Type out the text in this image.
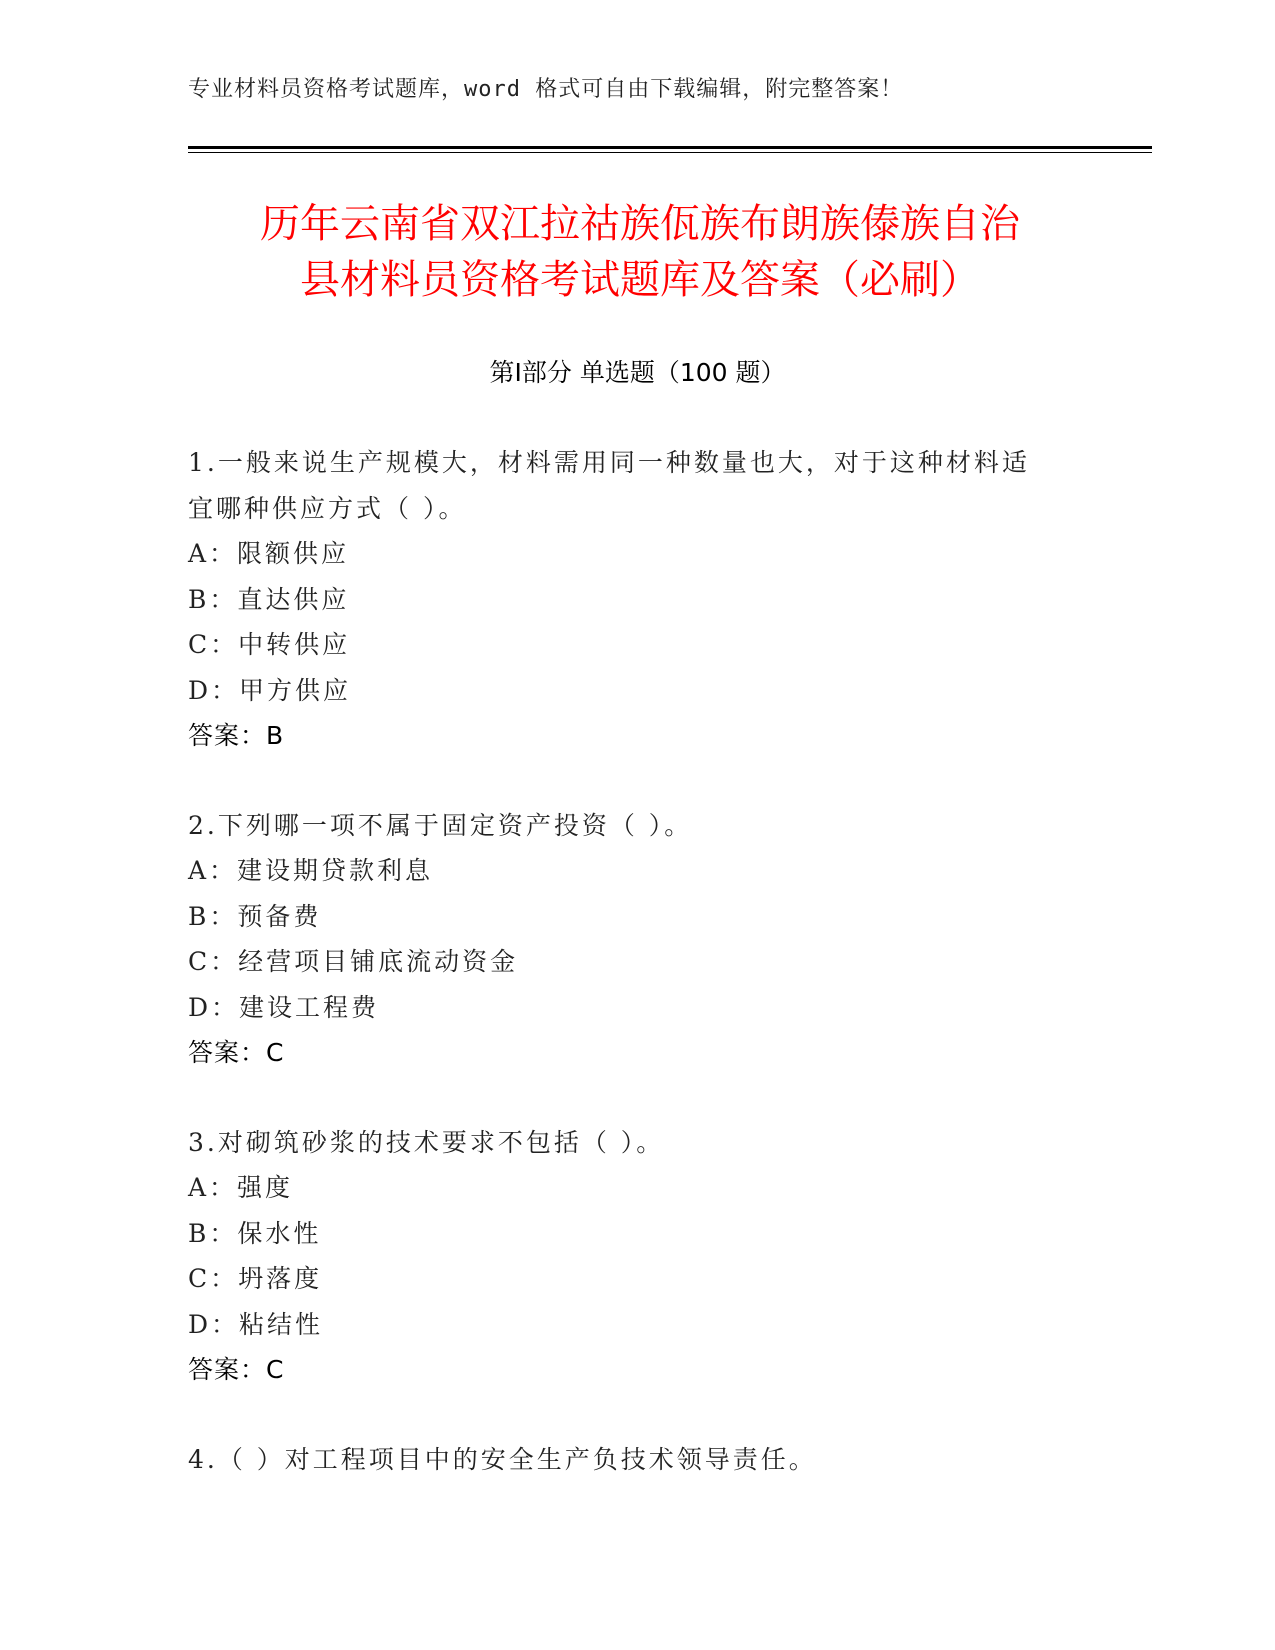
专业材料员资格考试题库，word 格式可自由下载编辑，附完整答案！
历年云南省双江拉祜族佤族布朗族傣族自治
县材料员资格考试题库及答案（必刷）
第Ⅰ部分 单选题（100 题）
1.一般来说生产规模大，材料需用同一种数量也大，对于这种材料适
宜哪种供应方式（ ）。
A：限额供应
B：直达供应
C：中转供应
D：甲方供应
答案：B
2.下列哪一项不属于固定资产投资（ ）。
A：建设期贷款利息
B：预备费
C：经营项目铺底流动资金
D：建设工程费
答案：C
3.对砌筑砂浆的技术要求不包括（ ）。
A：强度
B：保水性
C：坍落度
D：粘结性
答案：C
4.（ ）对工程项目中的安全生产负技术领导责任。
